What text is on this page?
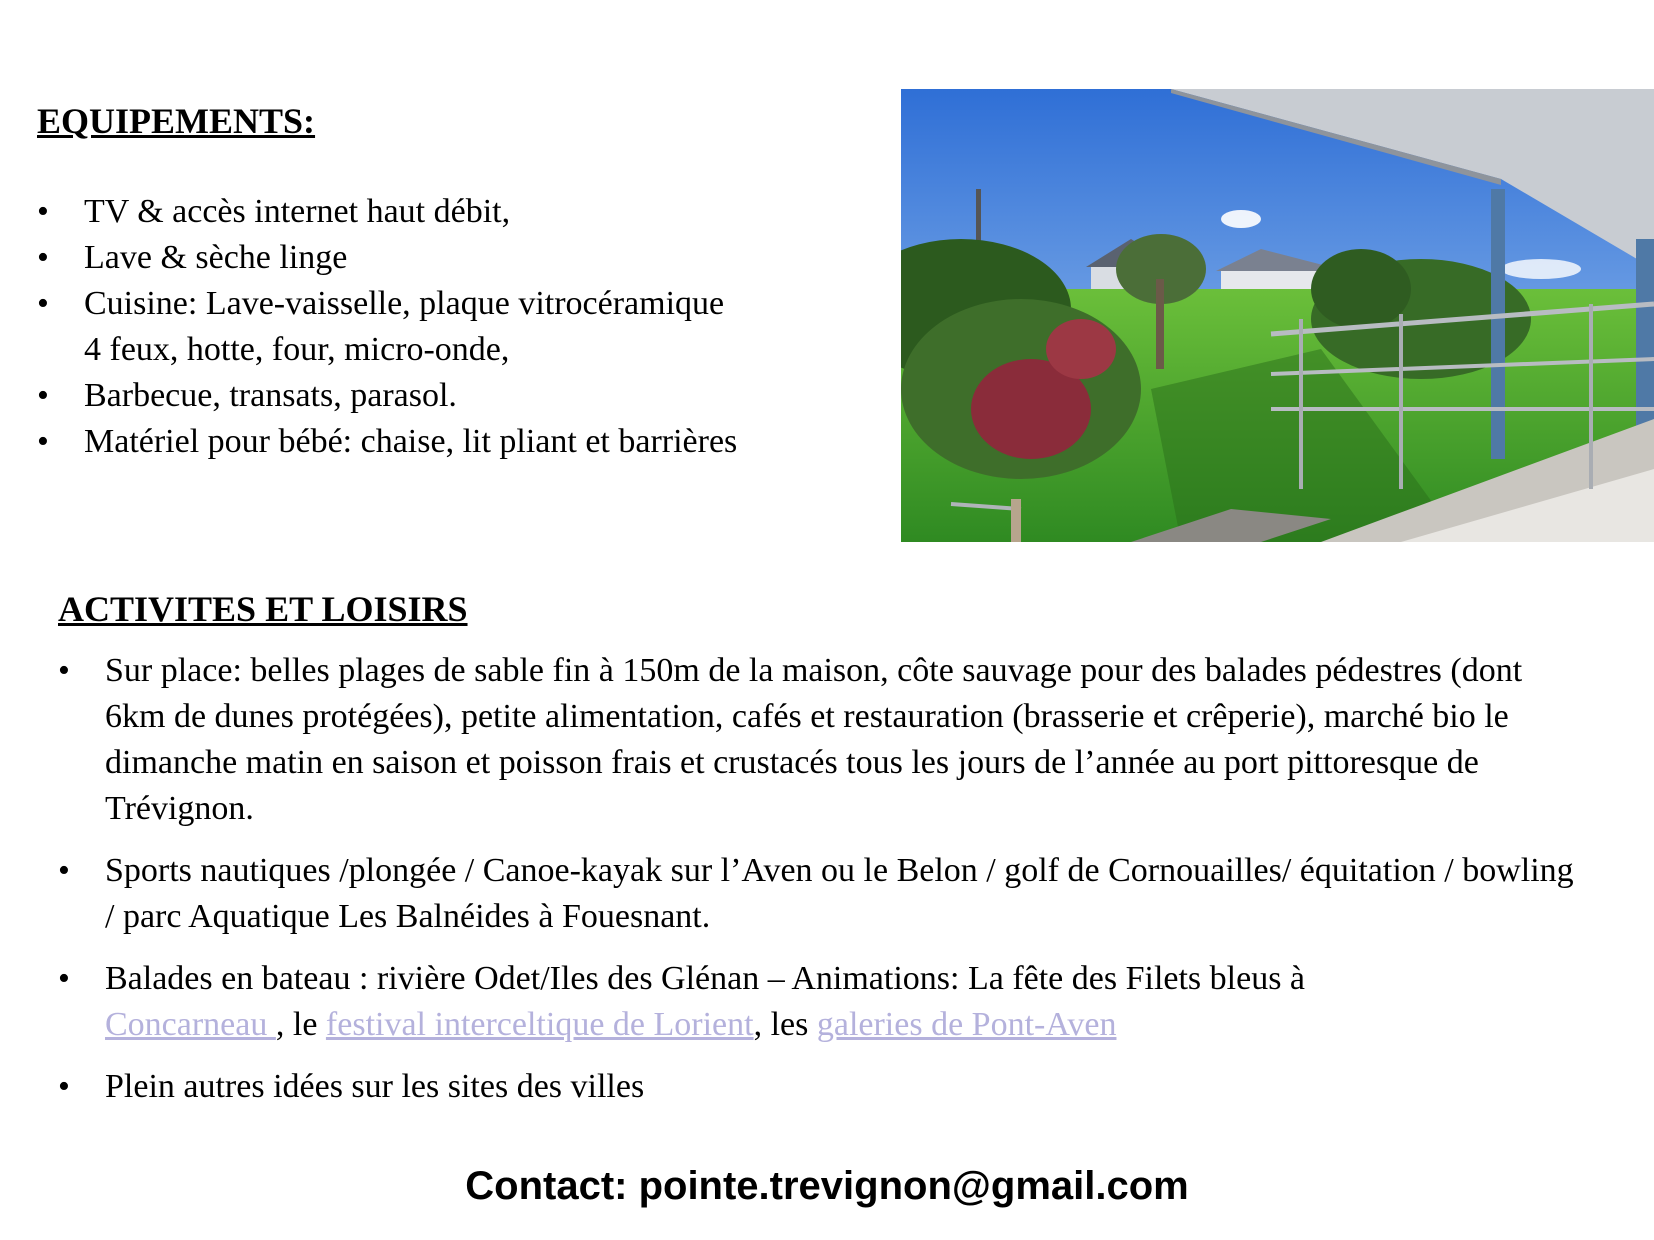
EQUIPEMENTS:
• TV & accès internet haut débit,
• Lave & sèche linge
• Cuisine: Lave-vaisselle, plaque vitrocéramique
4 feux, hotte, four, micro-onde,
• Barbecue, transats, parasol.
• Matériel pour bébé: chaise, lit pliant et barrières
ACTIVITES ET LOISIRS
• Sur place: belles plages de sable fin à 150m de la maison, côte sauvage pour des balades pédestres (dont 6km de dunes protégées), petite alimentation, cafés et restauration (brasserie et crêperie), marché bio le dimanche matin en saison et poisson frais et crustacés tous les jours de l’année au port pittoresque de Trévignon.
• Sports nautiques /plongée / Canoe-kayak sur l’Aven ou le Belon / golf de Cornouailles/ équitation / bowling / parc Aquatique Les Balnéides à Fouesnant.
• Balades en bateau : rivière Odet/Iles des Glénan – Animations: La fête des Filets bleus à
Concarneau , le festival interceltique de Lorient, les galeries de Pont-Aven
• Plein autres idées sur les sites des villes
Contact: pointe.trevignon@gmail.com
